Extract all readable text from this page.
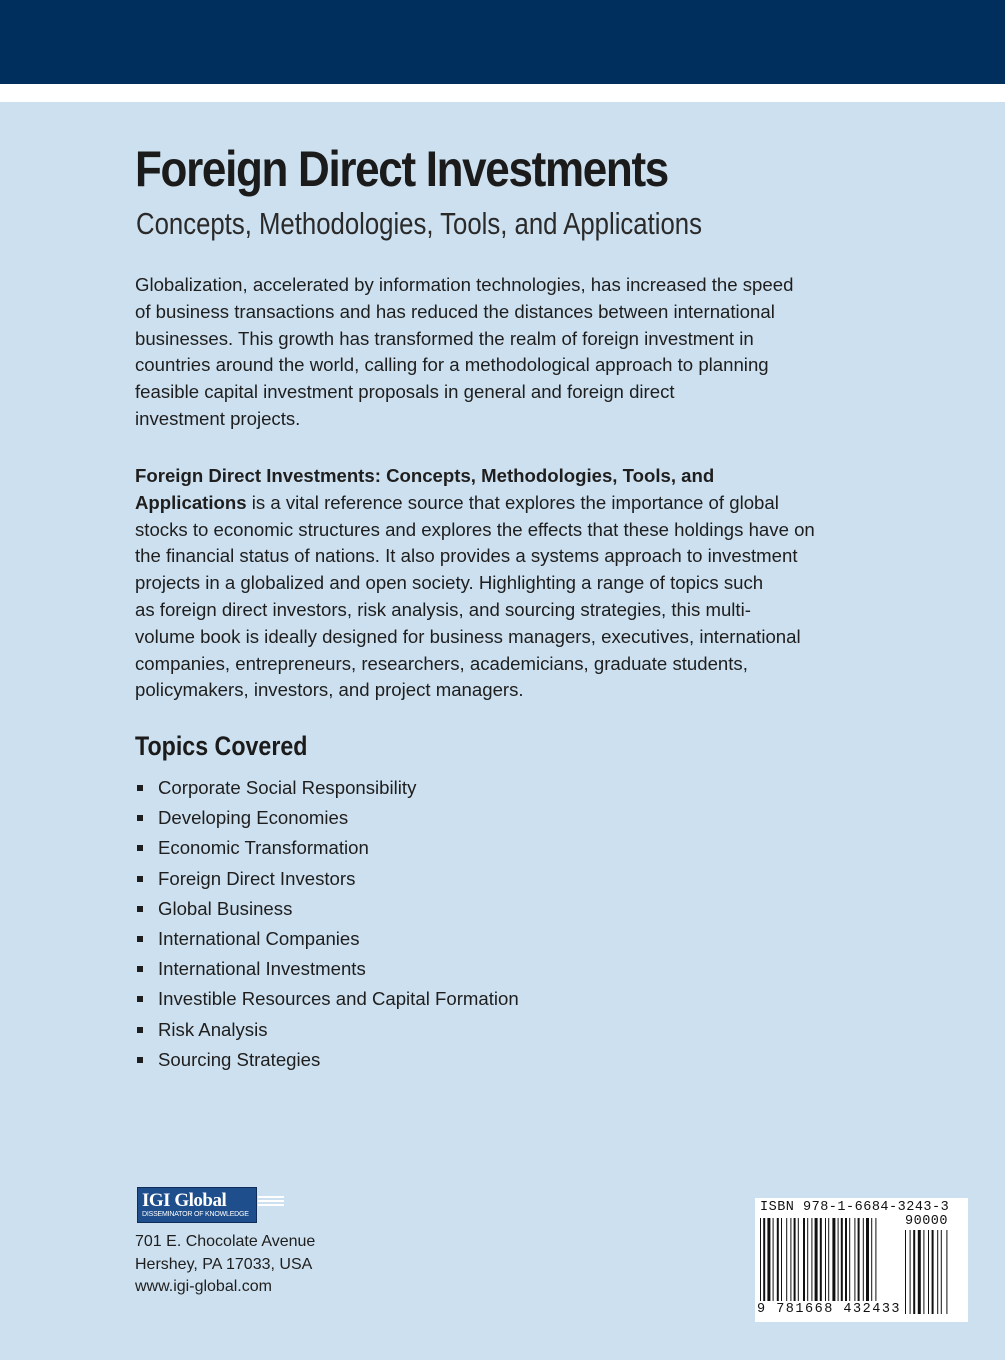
Foreign Direct Investments
Concepts, Methodologies, Tools, and Applications

Globalization, accelerated by information technologies, has increased the speed
of business transactions and has reduced the distances between international
businesses. This growth has transformed the realm of foreign investment in
countries around the world, calling for a methodological approach to planning
feasible capital investment proposals in general and foreign direct
investment projects.

Foreign Direct Investments: Concepts, Methodologies, Tools, and
Applications is a vital reference source that explores the importance of global
stocks to economic structures and explores the effects that these holdings have on
the financial status of nations. It also provides a systems approach to investment
projects in a globalized and open society. Highlighting a range of topics such
as foreign direct investors, risk analysis, and sourcing strategies, this multi-
volume book is ideally designed for business managers, executives, international
companies, entrepreneurs, researchers, academicians, graduate students,
policymakers, investors, and project managers.

Topics Covered
Corporate Social Responsibility
Developing Economies
Economic Transformation
Foreign Direct Investors
Global Business
International Companies
International Investments
Investible Resources and Capital Formation
Risk Analysis
Sourcing Strategies
IGI Global
DISSEMINATOR OF KNOWLEDGE
701 E. Chocolate Avenue
Hershey, PA 17033, USA
www.igi-global.com
ISBN 978-1-6684-3243-3
90000
9 781668 432433
